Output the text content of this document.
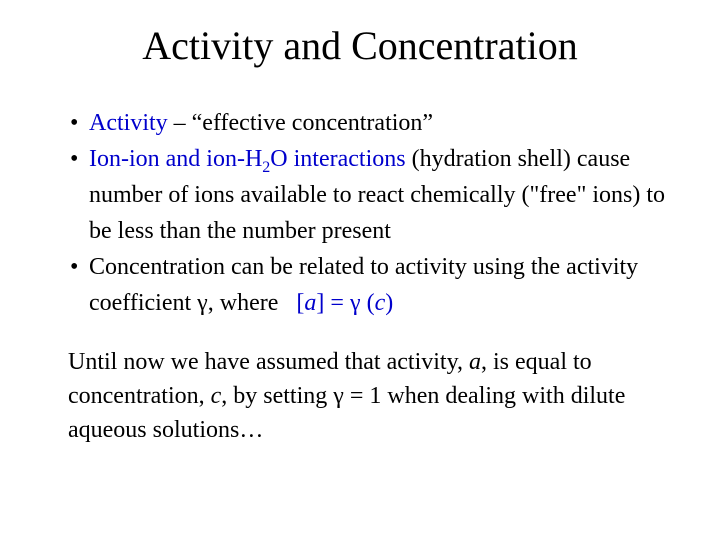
Activity and Concentration
• Activity – “effective concentration”
• Ion-ion and ion-$H_2O$ interactions (hydration shell) cause number of ions available to react chemically ("free" ions) to be less than the number present
• Concentration can be related to activity using the activity coefficient γ, where   [a] = γ (c)

Until now we have assumed that activity, a, is equal to concentration, c, by setting γ = 1 when dealing with dilute aqueous solutions…
